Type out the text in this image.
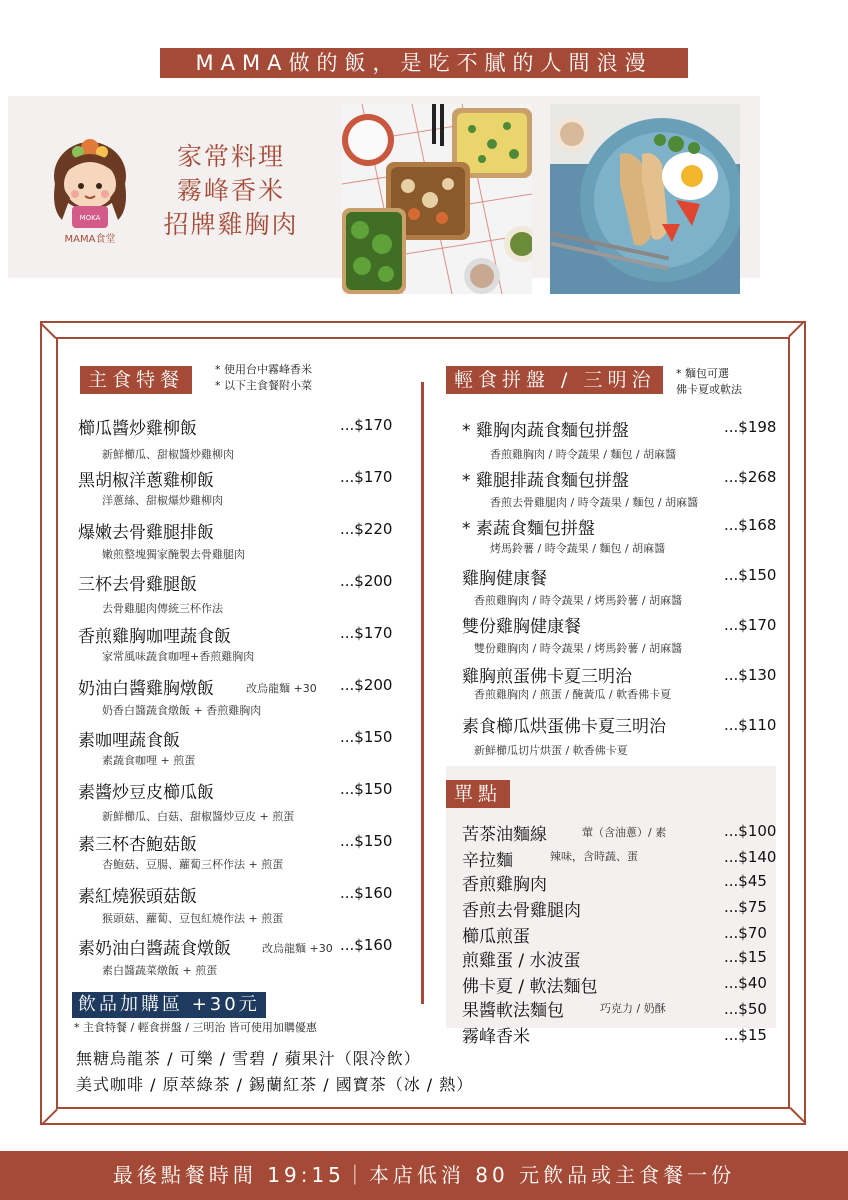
MAMA做的飯，是吃不膩的人間浪漫
MOKA
MAMA食堂
家常料理
霧峰香米
招牌雞胸肉
主食特餐	* 使用台中霧峰香米
* 以下主食餐附小菜
櫛瓜醬炒雞柳飯	...$170
新鮮櫛瓜、甜椒醬炒雞柳肉
黑胡椒洋蔥雞柳飯	...$170
洋蔥絲、甜椒爆炒雞柳肉
爆嫩去骨雞腿排飯	...$220
嫩煎整塊獨家醃製去骨雞腿肉
三杯去骨雞腿飯	...$200
去骨雞腿肉傳統三杯作法
香煎雞胸咖哩蔬食飯	...$170
家常風味蔬食咖哩+香煎雞胸肉
奶油白醬雞胸燉飯	改烏龍麵 +30 ...$200
奶香白醬蔬食燉飯 + 香煎雞胸肉
素咖哩蔬食飯	...$150
素蔬食咖哩 + 煎蛋
素醬炒豆皮櫛瓜飯	...$150
新鮮櫛瓜、白菇、甜椒醬炒豆皮 + 煎蛋
素三杯杏鮑菇飯	...$150
杏鮑菇、豆腸、蘿蔔三杯作法 + 煎蛋
素紅燒猴頭菇飯	...$160
猴頭菇、蘿蔔、豆包紅燒作法 + 煎蛋
素奶油白醬蔬食燉飯	改烏龍麵 +30 ...$160
素白醬蔬菜燉飯 + 煎蛋
輕食拼盤 / 三明治	* 麵包可選
佛卡夏或軟法
* 雞胸肉蔬食麵包拼盤	...$198
香煎雞胸肉 / 時令蔬果 / 麵包 / 胡麻醬
* 雞腿排蔬食麵包拼盤	...$268
香煎去骨雞腿肉 / 時令蔬果 / 麵包 / 胡麻醬
* 素蔬食麵包拼盤	...$168
烤馬鈴薯 / 時令蔬果 / 麵包 / 胡麻醬
雞胸健康餐	...$150
香煎雞胸肉 / 時令蔬果 / 烤馬鈴薯 / 胡麻醬
雙份雞胸健康餐	...$170
雙份雞胸肉 / 時令蔬果 / 烤馬鈴薯 / 胡麻醬
雞胸煎蛋佛卡夏三明治	...$130
香煎雞胸肉 / 煎蛋 / 醃黃瓜 / 軟香佛卡夏
素食櫛瓜烘蛋佛卡夏三明治	...$110
新鮮櫛瓜切片烘蛋 / 軟香佛卡夏
單點
苦茶油麵線	葷（含油蔥）/ 素	...$100
辛拉麵	辣味，含時蔬、蛋	...$140
香煎雞胸肉	...$45
香煎去骨雞腿肉	...$75
櫛瓜煎蛋	...$70
煎雞蛋 / 水波蛋	...$15
佛卡夏 / 軟法麵包	...$40
果醬軟法麵包	巧克力 / 奶酥	...$50
霧峰香米	...$15
飲品加購區 +30元
* 主食特餐 / 輕食拼盤 / 三明治 皆可使用加購優惠
無糖烏龍茶 / 可樂 / 雪碧 / 蘋果汁（限冷飲）
美式咖啡 / 原萃綠茶 / 錫蘭紅茶 / 國寶茶（冰 / 熱）
最後點餐時間 19:15｜本店低消 80 元飲品或主食餐一份
